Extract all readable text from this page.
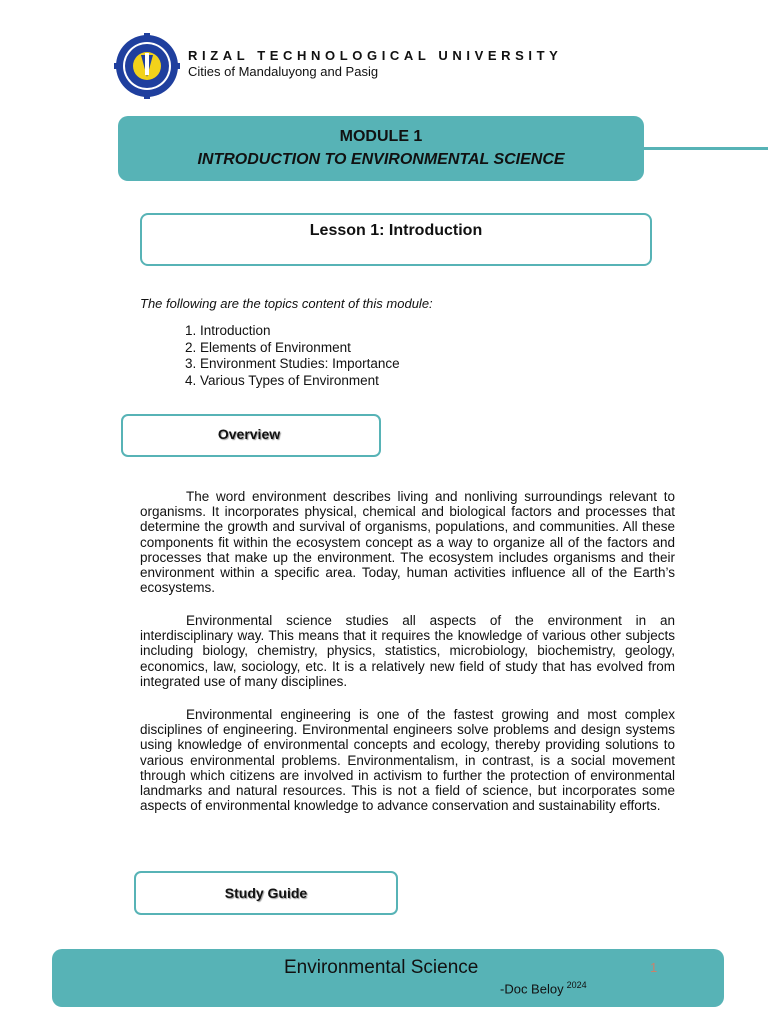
RIZAL TECHNOLOGICAL UNIVERSITY
Cities of Mandaluyong and Pasig
MODULE 1
INTRODUCTION TO ENVIRONMENTAL SCIENCE
Lesson 1: Introduction
The following are the topics content of this module:
1. Introduction
2. Elements of Environment
3. Environment Studies: Importance
4. Various Types of Environment
Overview

The word environment describes living and nonliving surroundings relevant to organisms. It incorporates physical, chemical and biological factors and processes that determine the growth and survival of organisms, populations, and communities. All these components fit within the ecosystem concept as a way to organize all of the factors and processes that make up the environment. The ecosystem includes organisms and their environment within a specific area. Today, human activities influence all of the Earth’s ecosystems.

Environmental science studies all aspects of the environment in an interdisciplinary way. This means that it requires the knowledge of various other subjects including biology, chemistry, physics, statistics, microbiology, biochemistry, geology, economics, law, sociology, etc. It is a relatively new field of study that has evolved from integrated use of many disciplines.

Environmental engineering is one of the fastest growing and most complex disciplines of engineering. Environmental engineers solve problems and design systems using knowledge of environmental concepts and ecology, thereby providing solutions to various environmental problems. Environmentalism, in contrast, is a social movement through which citizens are involved in activism to further the protection of environmental landmarks and natural resources. This is not a field of science, but incorporates some aspects of environmental knowledge to advance conservation and sustainability efforts.

Study Guide
Environmental Science	1
-Doc Beloy $^{2024}$
